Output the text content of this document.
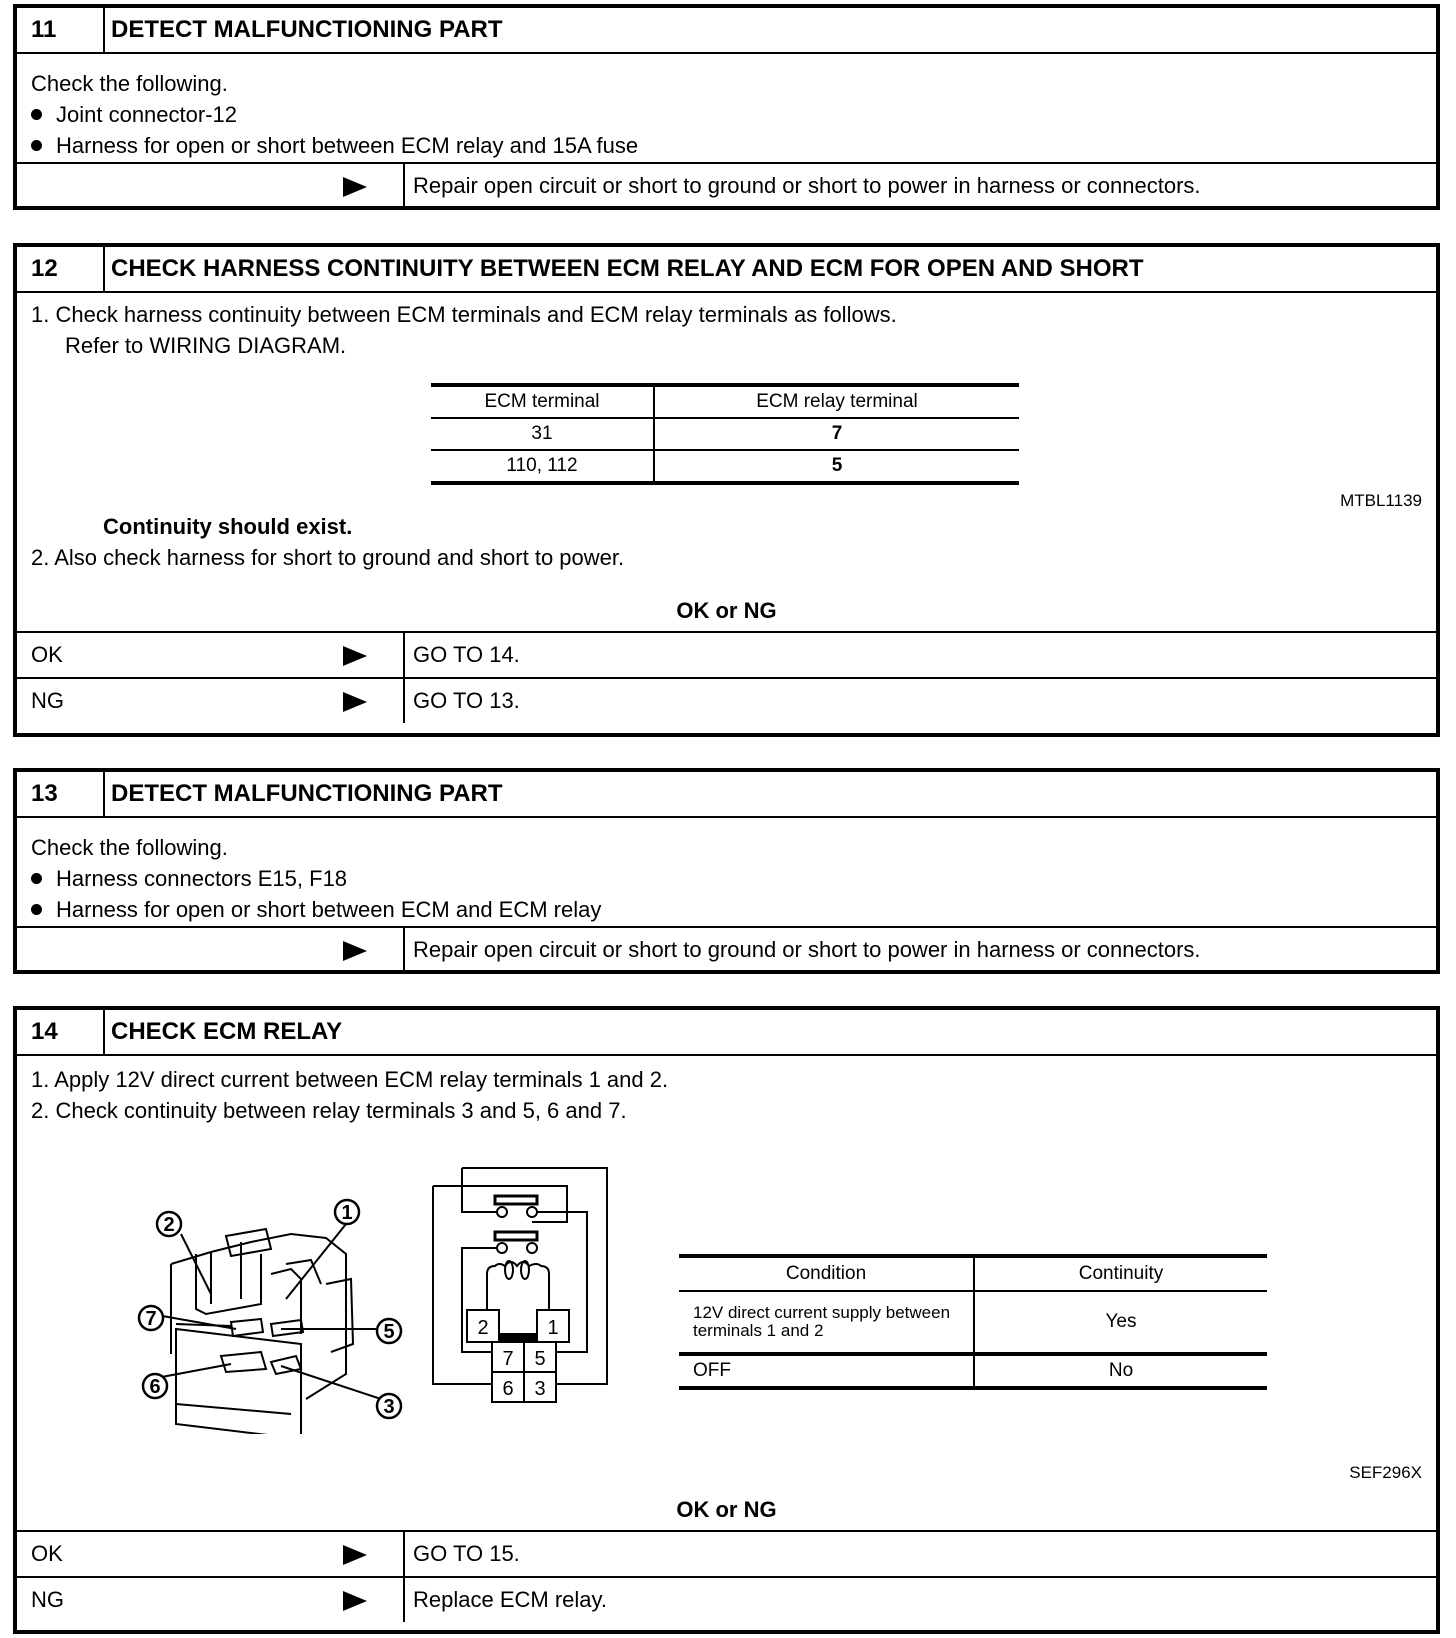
11	DETECT MALFUNCTIONING PART
Check the following.
Joint connector-12
Harness for open or short between ECM relay and 15A fuse
Repair open circuit or short to ground or short to power in harness or connectors.
12	CHECK HARNESS CONTINUITY BETWEEN ECM RELAY AND ECM FOR OPEN AND SHORT
1. Check harness continuity between ECM terminals and ECM relay terminals as follows.
Refer to WIRING DIAGRAM.
ECM terminal	ECM relay terminal
31	7
110, 112	5
MTBL1139
Continuity should exist.
2. Also check harness for short to ground and short to power.
OK or NG
OK	GO TO 14.
NG	GO TO 13.
13	DETECT MALFUNCTIONING PART
Check the following.
Harness connectors E15, F18
Harness for open or short between ECM and ECM relay
Repair open circuit or short to ground or short to power in harness or connectors.
14	CHECK ECM RELAY
1. Apply 12V direct current between ECM relay terminals 1 and 2.
2. Check continuity between relay terminals 3 and 5, 6 and 7.
1
2
3
5
6
7	2	1
7 5
6 3
Condition	Continuity
12V direct current supply between terminals 1 and 2	Yes
OFF	No
SEF296X
OK or NG
OK	GO TO 15.
NG	Replace ECM relay.
